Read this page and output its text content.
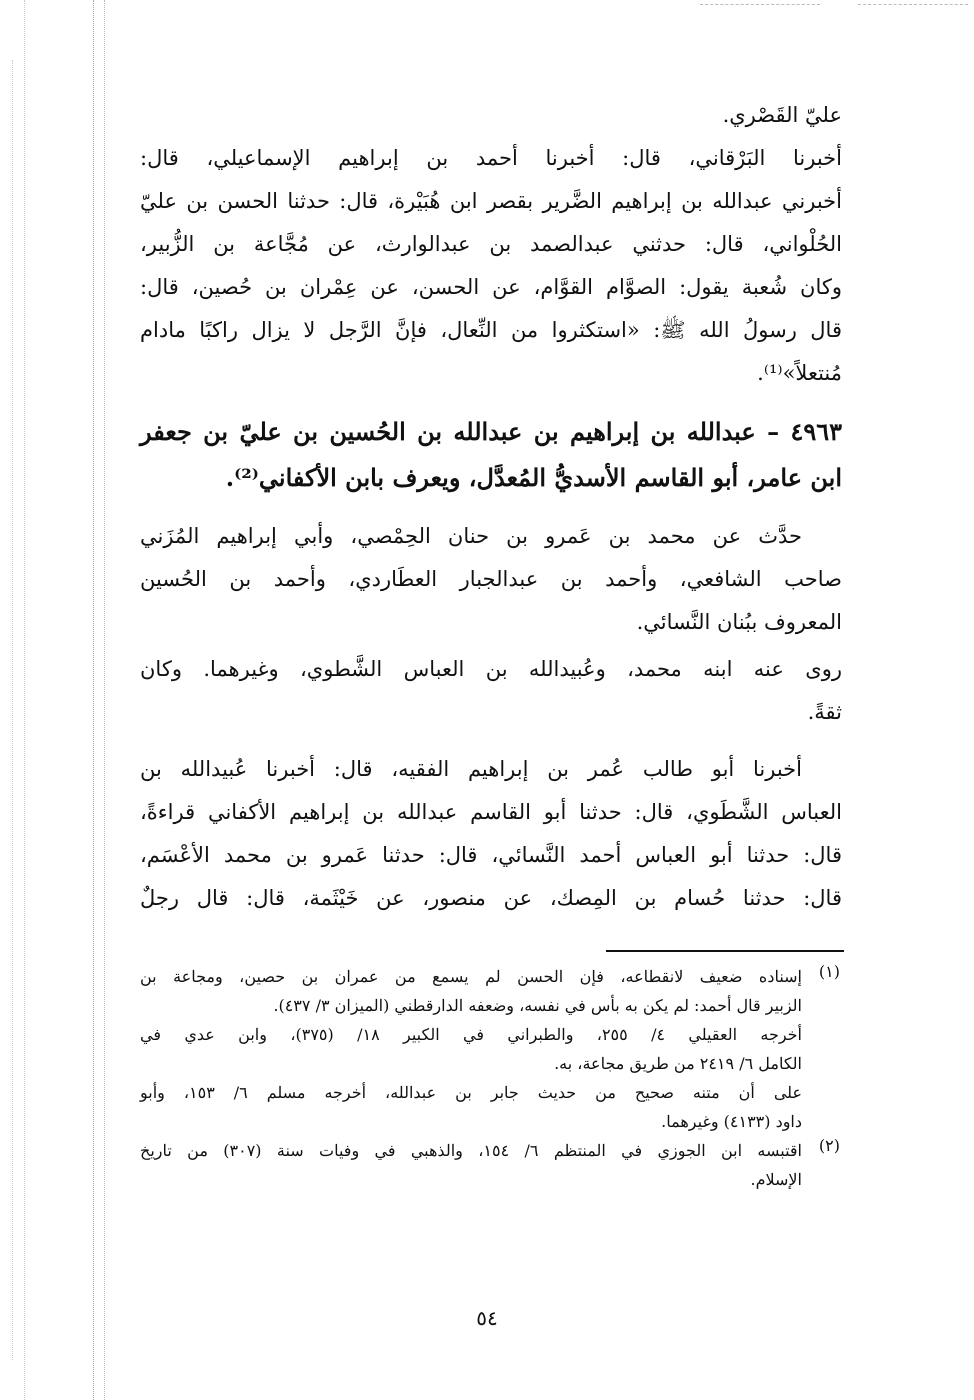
عليّ القَصْري.
أخبرنا البَرْقاني، قال: أخبرنا أحمد بن إبراهيم الإسماعيلي، قال:
أخبرني عبدالله بن إبراهيم الضَّرير بقصر ابن هُبَيْرة، قال: حدثنا الحسن بن عليّ
الحُلْواني، قال: حدثني عبدالصمد بن عبدالوارث، عن مُجَّاعة بن الزُّبير،
وكان شُعبة يقول: الصوَّام القوَّام، عن الحسن، عن عِمْران بن حُصين، قال:
قال رسولُ الله ﷺ: «استكثروا من النِّعال، فإنَّ الرَّجل لا يزال راكبًا مادام
مُنتعلاً»⁽¹⁾.
٤٩٦٣ – عبدالله بن إبراهيم بن عبدالله بن الحُسين بن عليّ بن جعفر
ابن عامر، أبو القاسم الأسديُّ المُعدَّل، ويعرف بابن الأكفاني⁽²⁾.
حدَّث عن محمد بن عَمرو بن حنان الحِمْصي، وأبي إبراهيم المُزَني
صاحب الشافعي، وأحمد بن عبدالجبار العطَاردي، وأحمد بن الحُسين
المعروف ببُنان النَّسائي.
روى عنه ابنه محمد، وعُبيدالله بن العباس الشَّطوي، وغيرهما. وكان
ثقةً.
أخبرنا أبو طالب عُمر بن إبراهيم الفقيه، قال: أخبرنا عُبيدالله بن
العباس الشَّطَوي، قال: حدثنا أبو القاسم عبدالله بن إبراهيم الأكفاني قراءةً،
قال: حدثنا أبو العباس أحمد النَّسائي، قال: حدثنا عَمرو بن محمد الأعْسَم،
قال: حدثنا حُسام بن المِصك، عن منصور، عن خَيْثَمة، قال: قال رجلٌ
(١)
إسناده ضعيف لانقطاعه، فإن الحسن لم يسمع من عمران بن حصين، ومجاعة بن
الزبير قال أحمد: لم يكن به بأس في نفسه، وضعفه الدارقطني (الميزان ٣/ ٤٣٧).
أخرجه العقيلي ٤/ ٢٥٥، والطبراني في الكبير ١٨/ (٣٧٥)، وابن عدي في
الكامل ٦/ ٢٤١٩ من طريق مجاعة، به.
على أن متنه صحيح من حديث جابر بن عبدالله، أخرجه مسلم ٦/ ١٥٣، وأبو
داود (٤١٣٣) وغيرهما.
(٢)
اقتبسه ابن الجوزي في المنتظم ٦/ ١٥٤، والذهبي في وفيات سنة (٣٠٧) من تاريخ
الإسلام.
٥٤
